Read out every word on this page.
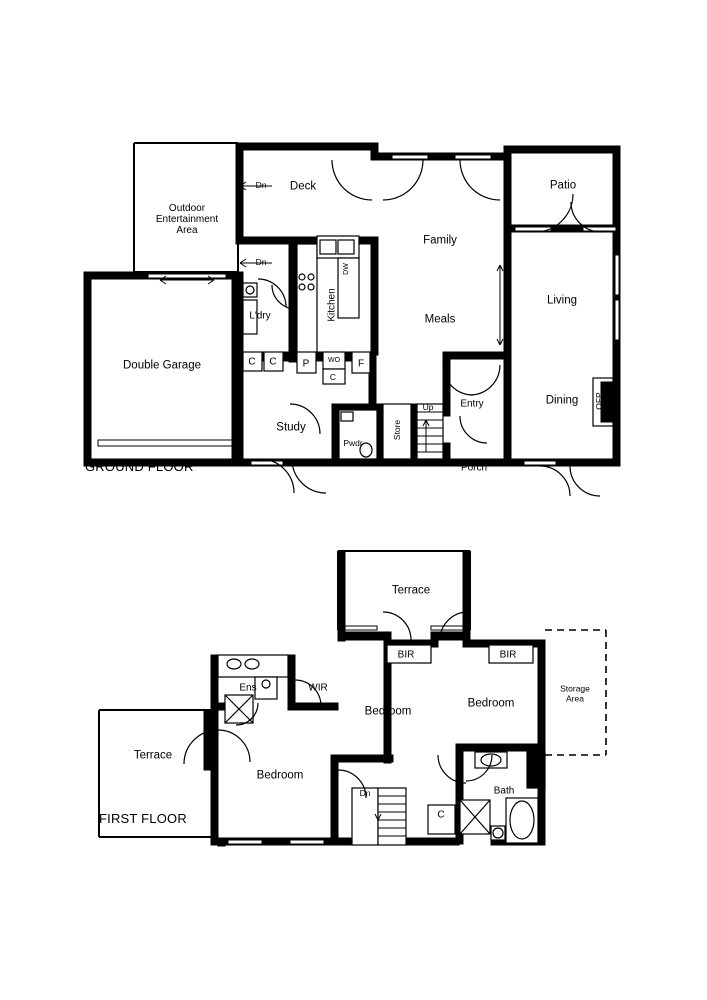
GROUND FLOOR
Outdoor
Entertainment
Area
Deck	Patio
Family
Living
Meals
Kitchen
DW
L'dry
Double Garage
Study
Pwdr
Store
Entry
Porch
Dining
Dn
Dn
Up
C C	P	WO
C
F
OFP
FIRST FLOOR
Terrace
Terrace
Ens	WIR
Bedroom
Bedroom
Bedroom
Storage
Area
Bath
BIR	BIR
Dn
C
